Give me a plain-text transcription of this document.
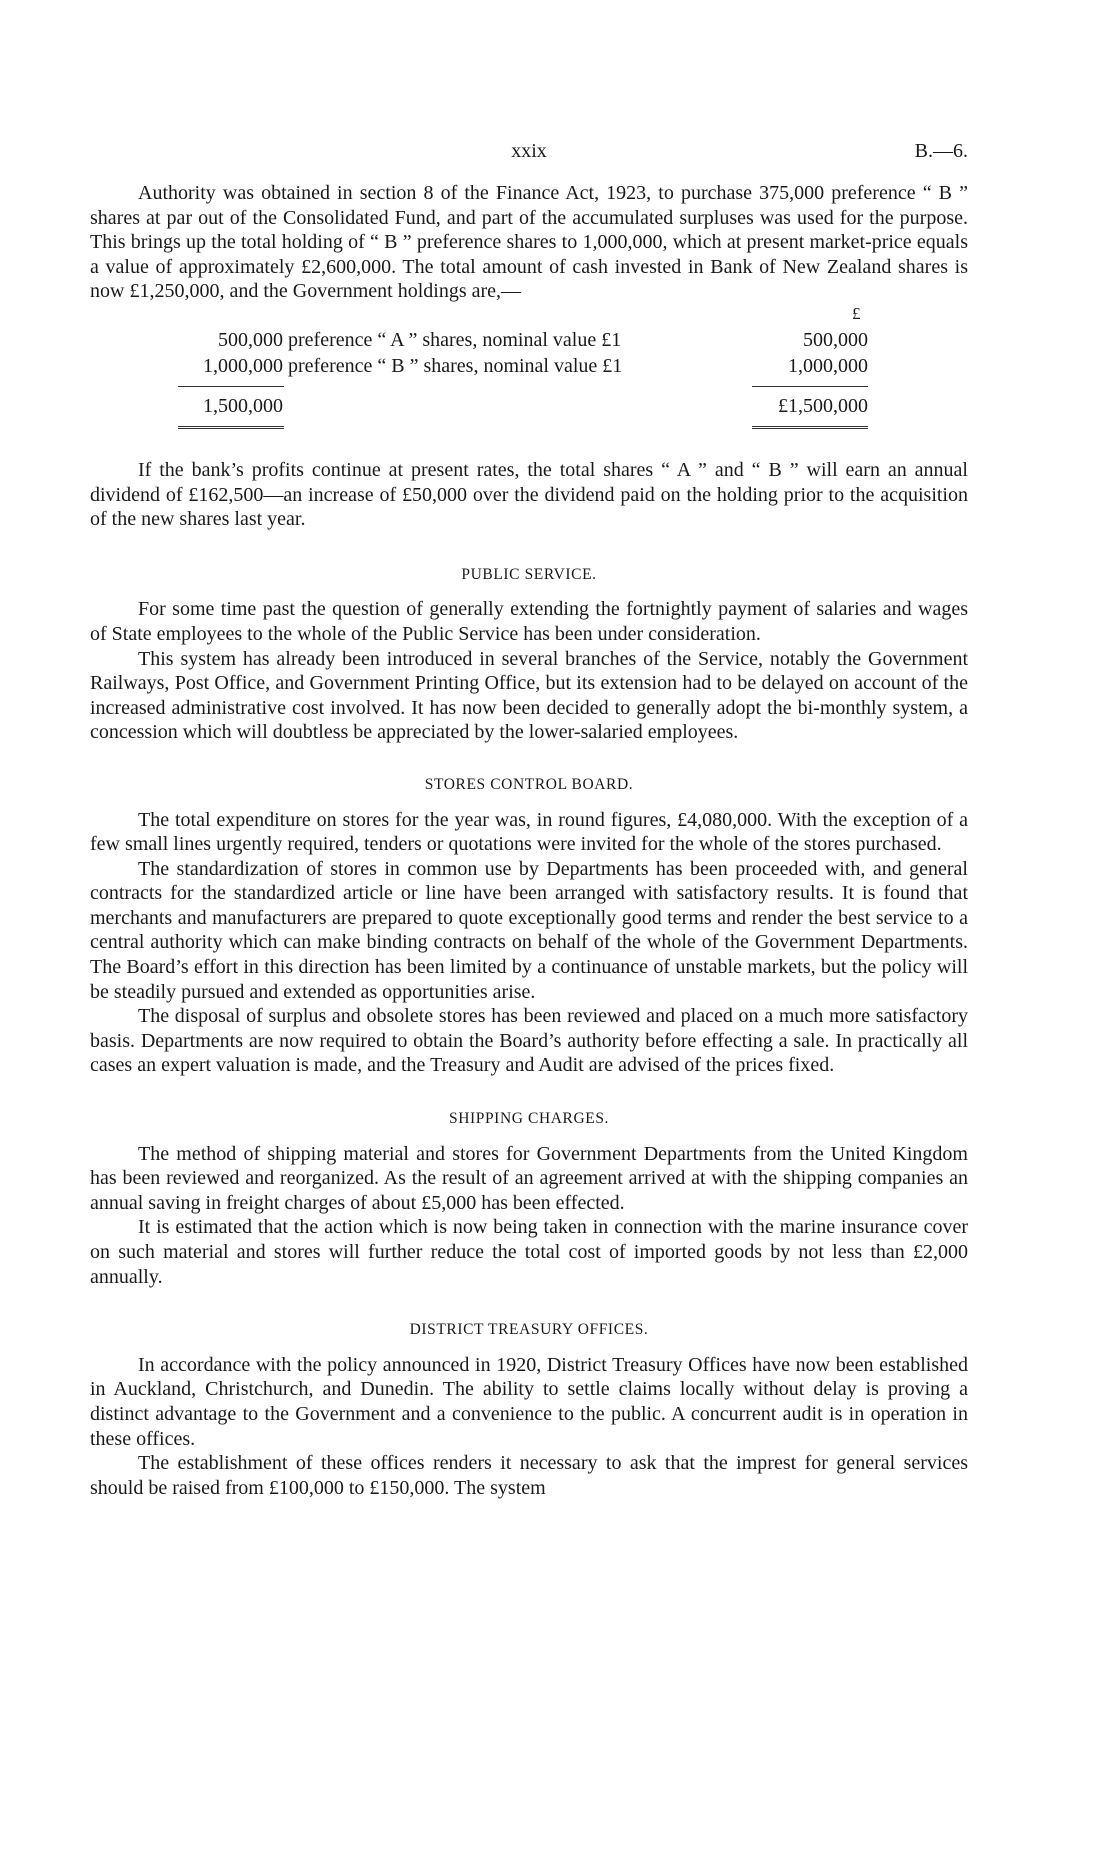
xxix	B.—6.

Authority was obtained in section 8 of the Finance Act, 1923, to purchase 375,000 preference “ B ” shares at par out of the Consolidated Fund, and part of the accumulated surpluses was used for the purpose. This brings up the total holding of “ B ” preference shares to 1,000,000, which at present market-price equals a value of approximately £2,600,000. The total amount of cash invested in Bank of New Zealand shares is now £1,250,000, and the Government holdings are,—

£
500,000 preference “ A ” shares, nominal value £1	500,000
1,000,000 preference “ B ” shares, nominal value £1	1,000,000
1,500,000	£1,500,000

If the bank’s profits continue at present rates, the total shares “ A ” and “ B ” will earn an annual dividend of £162,500—an increase of £50,000 over the dividend paid on the holding prior to the acquisition of the new shares last year.

PUBLIC SERVICE.

For some time past the question of generally extending the fortnightly payment of salaries and wages of State employees to the whole of the Public Service has been under consideration.

This system has already been introduced in several branches of the Service, notably the Government Railways, Post Office, and Government Printing Office, but its extension had to be delayed on account of the increased administrative cost involved. It has now been decided to generally adopt the bi-monthly system, a concession which will doubtless be appreciated by the lower-salaried employees.

STORES CONTROL BOARD.

The total expenditure on stores for the year was, in round figures, £4,080,000. With the exception of a few small lines urgently required, tenders or quotations were invited for the whole of the stores purchased.

The standardization of stores in common use by Departments has been proceeded with, and general contracts for the standardized article or line have been arranged with satisfactory results. It is found that merchants and manufacturers are prepared to quote exceptionally good terms and render the best service to a central authority which can make binding contracts on behalf of the whole of the Government Departments. The Board’s effort in this direction has been limited by a continuance of unstable markets, but the policy will be steadily pursued and extended as opportunities arise.

The disposal of surplus and obsolete stores has been reviewed and placed on a much more satisfactory basis. Departments are now required to obtain the Board’s authority before effecting a sale. In practically all cases an expert valuation is made, and the Treasury and Audit are advised of the prices fixed.

SHIPPING CHARGES.

The method of shipping material and stores for Government Departments from the United Kingdom has been reviewed and reorganized. As the result of an agreement arrived at with the shipping companies an annual saving in freight charges of about £5,000 has been effected.

It is estimated that the action which is now being taken in connection with the marine insurance cover on such material and stores will further reduce the total cost of imported goods by not less than £2,000 annually.

DISTRICT TREASURY OFFICES.

In accordance with the policy announced in 1920, District Treasury Offices have now been established in Auckland, Christchurch, and Dunedin. The ability to settle claims locally without delay is proving a distinct advantage to the Government and a convenience to the public. A concurrent audit is in operation in these offices.

The establishment of these offices renders it necessary to ask that the imprest for general services should be raised from £100,000 to £150,000. The system
